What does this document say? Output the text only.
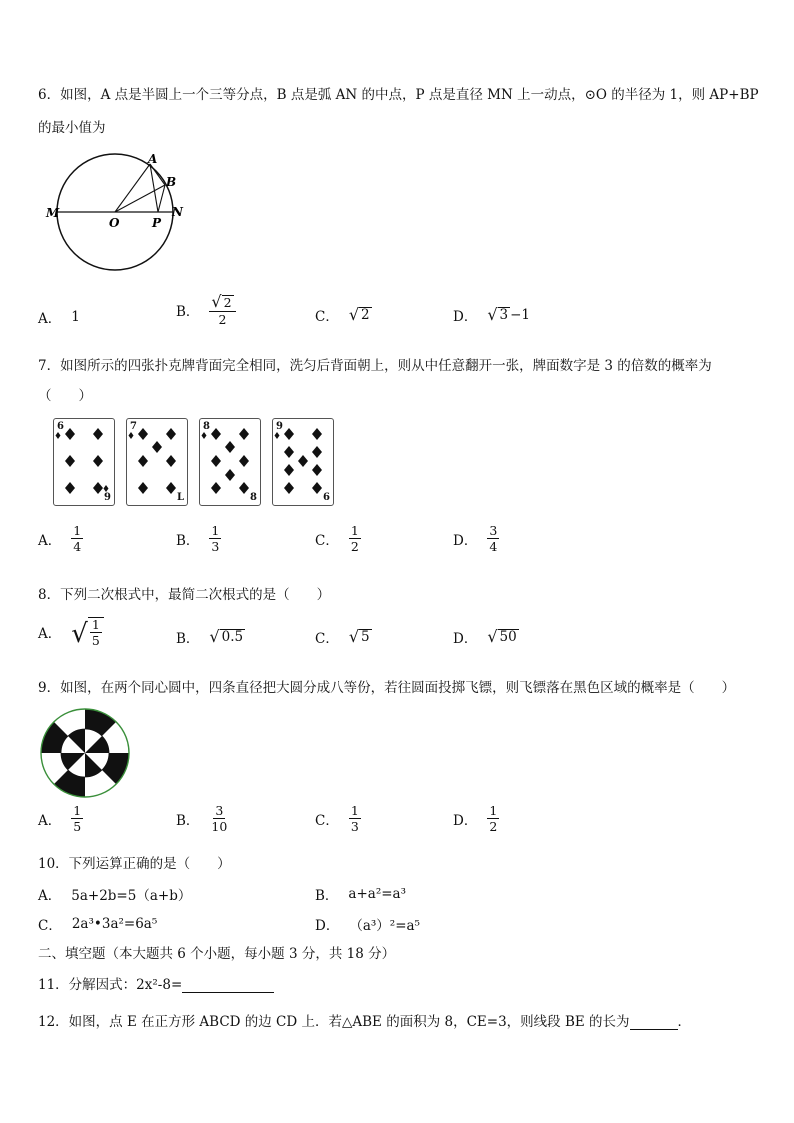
6．如图，A 点是半圆上一个三等分点，B 点是弧 AN 的中点，P 点是直径 MN 上一动点，⊙O 的半径为 1，则 AP+BP
的最小值为
A
B
M
O	P
N
A． 1	B． $\frac{√ 2}{2}$	C． √ 2	D． √ 3 −1
7．如图所示的四张扑克牌背面完全相同，洗匀后背面朝上，则从中任意翻开一张，牌面数字是 3 的倍数的概率为
（　　）
6
9
7
L
8
8
9
6
A． $\frac{1}{4}$	B． $\frac{1}{3}$	C． $\frac{1}{2}$	D． $\frac{3}{4}$
8．下列二次根式中，最简二次根式的是（　　）
A． √ $\frac{1}{5}$	B． √ 0.5	C． √ 5	D． √ 50
9．如图，在两个同心圆中，四条直径把大圆分成八等份，若往圆面投掷飞镖，则飞镖落在黑色区域的概率是（　　）
A． $\frac{1}{5}$	B． $\frac{3}{10}$	C． $\frac{1}{3}$	D． $\frac{1}{2}$
10．下列运算正确的是（　　）
A． 5a+2b=5（a+b）	B． a+a²=a³
C． 2a³•3a²=6a⁵	D． （a³）²=a⁵
二、填空题（本大题共 6 个小题，每小题 3 分，共 18 分）
11．分解因式：2x²-8=
12．如图，点 E 在正方形 ABCD 的边 CD 上．若△ABE 的面积为 8，CE=3，则线段 BE 的长为	．
